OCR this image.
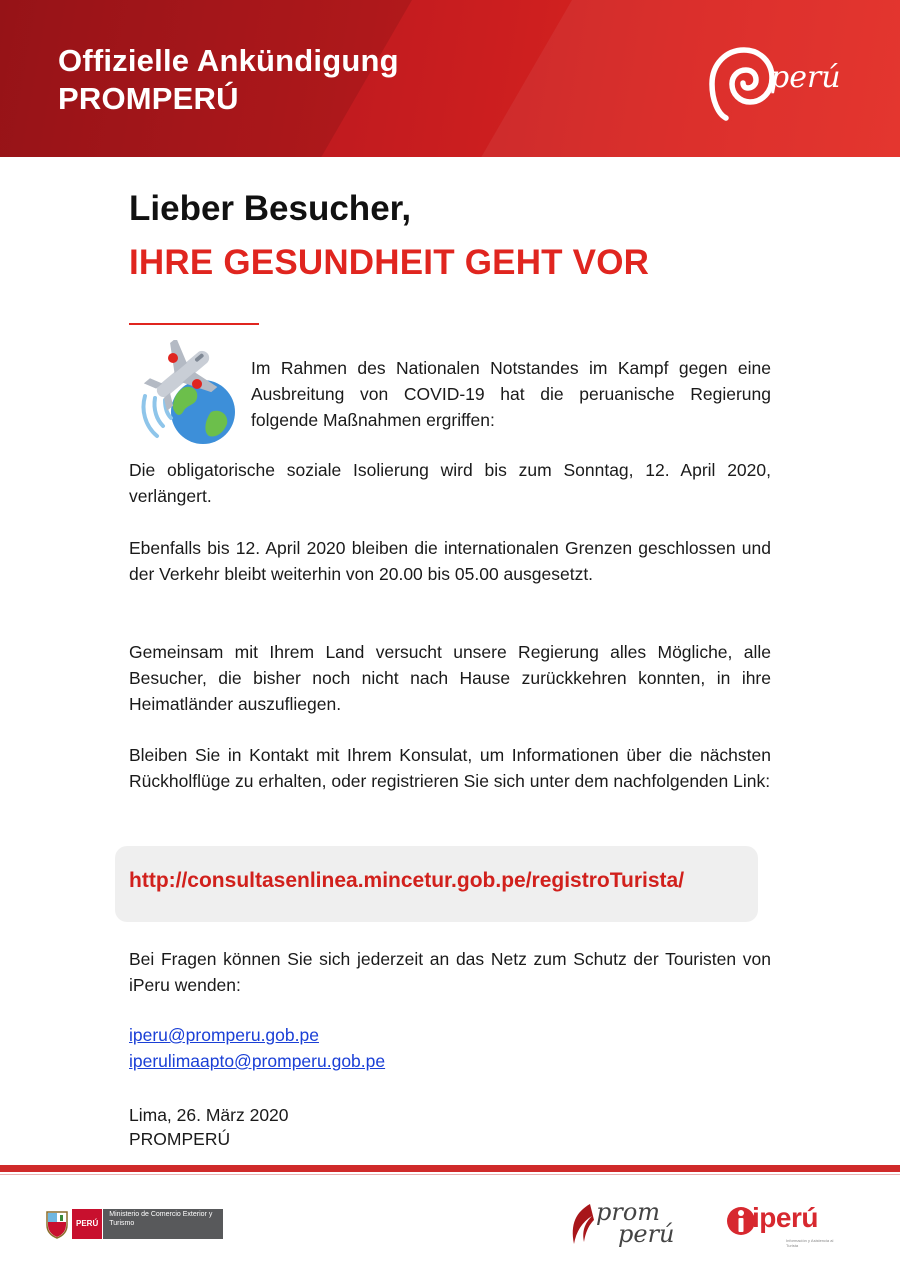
Offizielle Ankündigung
PROMPERÚ
perú
Lieber Besucher,
IHRE GESUNDHEIT GEHT VOR

Im Rahmen des Nationalen Notstandes im Kampf gegen eine Ausbreitung von COVID-19 hat die peruanische Regierung folgende Maßnahmen ergriffen:

Die obligatorische soziale Isolierung wird bis zum Sonntag, 12. April 2020, verlängert.

Ebenfalls bis 12. April 2020 bleiben die internationalen Grenzen geschlossen und der Verkehr bleibt weiterhin von 20.00 bis 05.00 ausgesetzt.

Gemeinsam mit Ihrem Land versucht unsere Regierung alles Mögliche, alle Besucher, die bisher noch nicht nach Hause zurückkehren konnten, in ihre Heimatländer auszufliegen.

Bleiben Sie in Kontakt mit Ihrem Konsulat, um Informationen über die nächsten Rückholflüge zu erhalten, oder registrieren Sie sich unter dem nachfolgenden Link:

http://consultasenlinea.mincetur.gob.pe/registroTurista/

Bei Fragen können Sie sich jederzeit an das Netz zum Schutz der Touristen von iPeru wenden:

iperu@promperu.gob.pe
iperulimaapto@promperu.gob.pe
Lima, 26. März 2020
PROMPERÚ
PERÚ
Ministerio de Comercio Exterior y Turismo	prom
perú
iperú
Información y Asistencia al Turista
